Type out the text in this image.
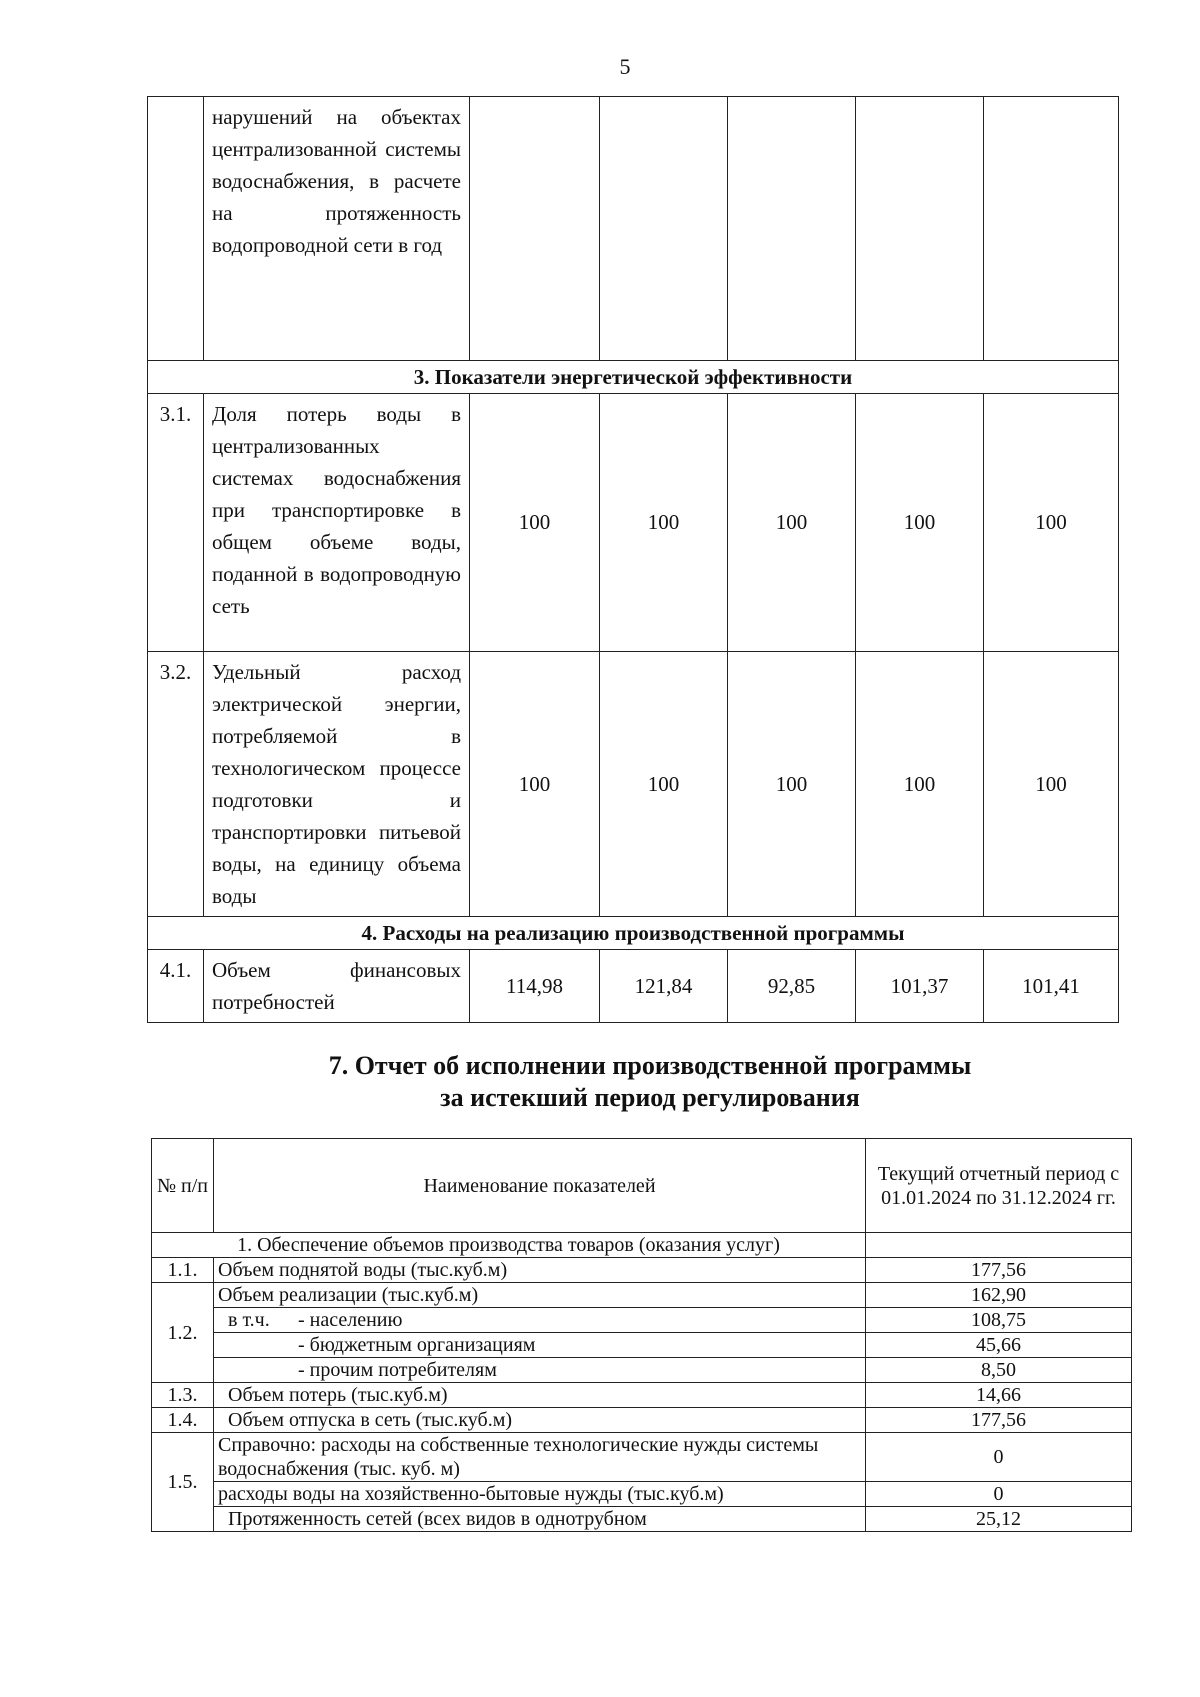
5
	нарушений на объектах централизованной системы водоснабжения, в расчете на протяженность водопроводной сети в год					
3. Показатели энергетической эффективности						
3.1.	Доля потерь воды в централизованных системах водоснабжения при транспортировке в общем объеме воды, поданной в водопроводную сеть	100	100	100	100	100
3.2.	Удельный расход электрической энергии, потребляемой в технологическом процессе подготовки и транспортировки питьевой воды, на единицу объема воды	100	100	100	100	100
4. Расходы на реализацию производственной программы						
4.1.	Объем финансовых потребностей	114,98	121,84	92,85	101,37	101,41
7. Отчет об исполнении производственной программы
за истекший период регулирования
№ п/п	Наименование показателей	Текущий отчетный период с 01.01.2024 по 31.12.2024 гг.
1. Обеспечение объемов производства товаров (оказания услуг)		
1.1.	Объем поднятой воды (тыс.куб.м)	177,56
1.2.	Объем реализации (тыс.куб.м)	162,90
	в т.ч. - населению	108,75
	- бюджетным организациям	45,66
	- прочим потребителям	8,50
1.3.	Объем потерь (тыс.куб.м)	14,66
1.4.	Объем отпуска в сеть (тыс.куб.м)	177,56
1.5.	Справочно: расходы на собственные технологические нужды системы водоснабжения (тыс. куб. м)	0
	расходы воды на хозяйственно-бытовые нужды (тыс.куб.м)	0
	Протяженность сетей (всех видов в однотрубном	25,12
